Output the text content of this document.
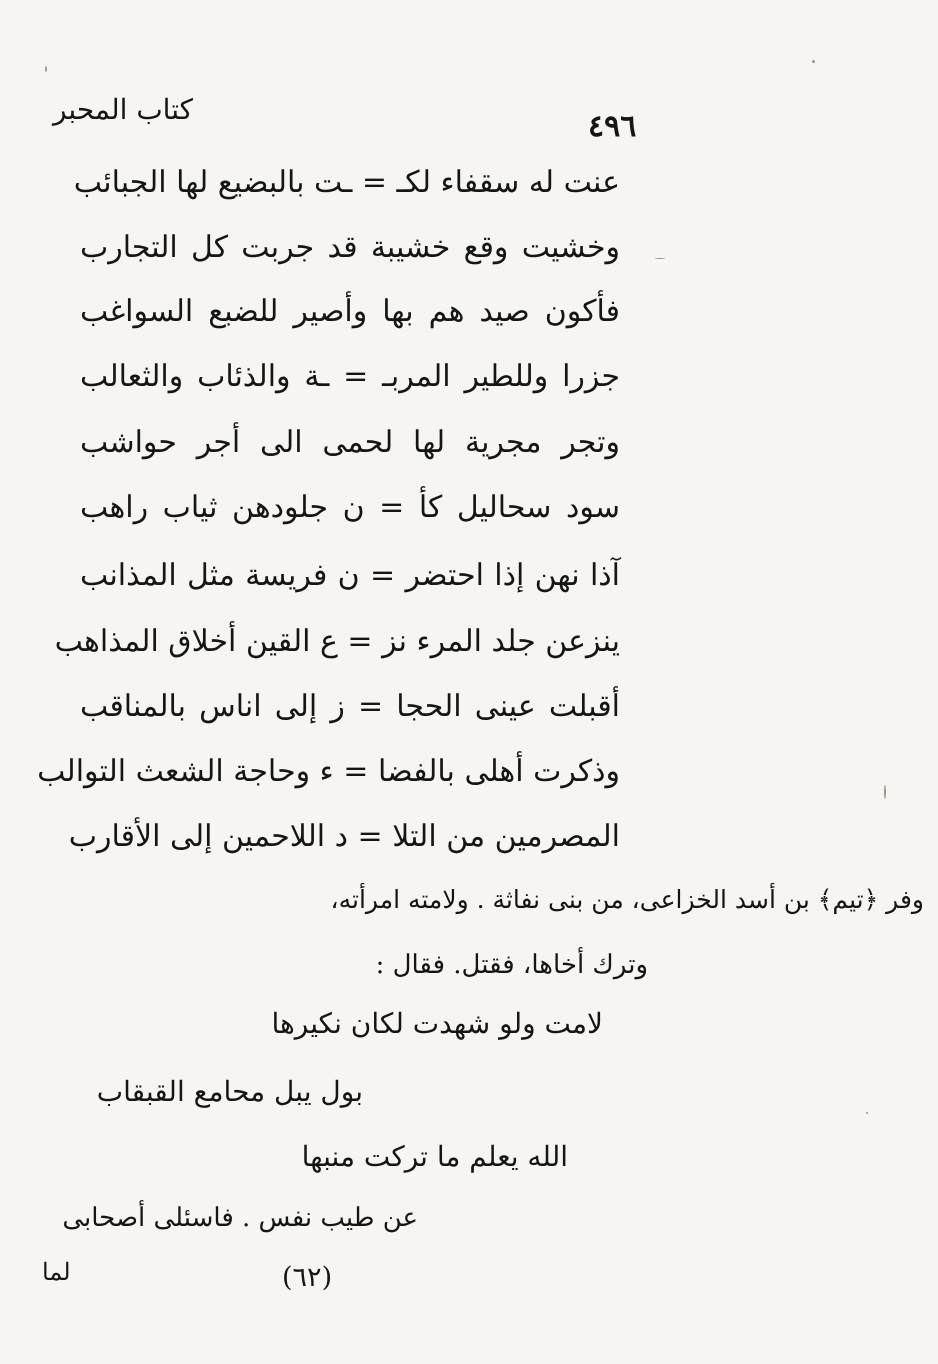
كتاب المحبر	٤٩٦
عنت له سقفاء لكـ = ـت بالبضيع لها الجبائب
وخشيت وقع خشيبة قد جربت كل التجارب
فأكون صيد هم بها وأصير للضبع السواغب
جزرا وللطير المربـ = ـة والذئاب والثعالب
وتجر مجرية لها لحمى الى أجر حواشب
سود سحاليل كأ = ن جلودهن ثياب راهب
آذا نهن إذا احتضر = ن فريسة مثل المذانب
ينزعن جلد المرء نز = ع القين أخلاق المذاهب
أقبلت عينى الحجا = ز إلى اناس بالمناقب
وذكرت أهلى بالفضا = ء وحاجة الشعث التوالب
المصرمين من التلا = د اللاحمين إلى الأقارب
وفر ﴿تيم﴾ بن أسد الخزاعى، من بنى نفاثة . ولامته امرأته،
وترك أخاها، فقتل. فقال :
لامت ولو شهدت لكان نكيرها
بول يبل محامع القبقاب
الله يعلم ما تركت منبها
عن طيب نفس . فاسئلى أصحابى
(٦٢)
لما
